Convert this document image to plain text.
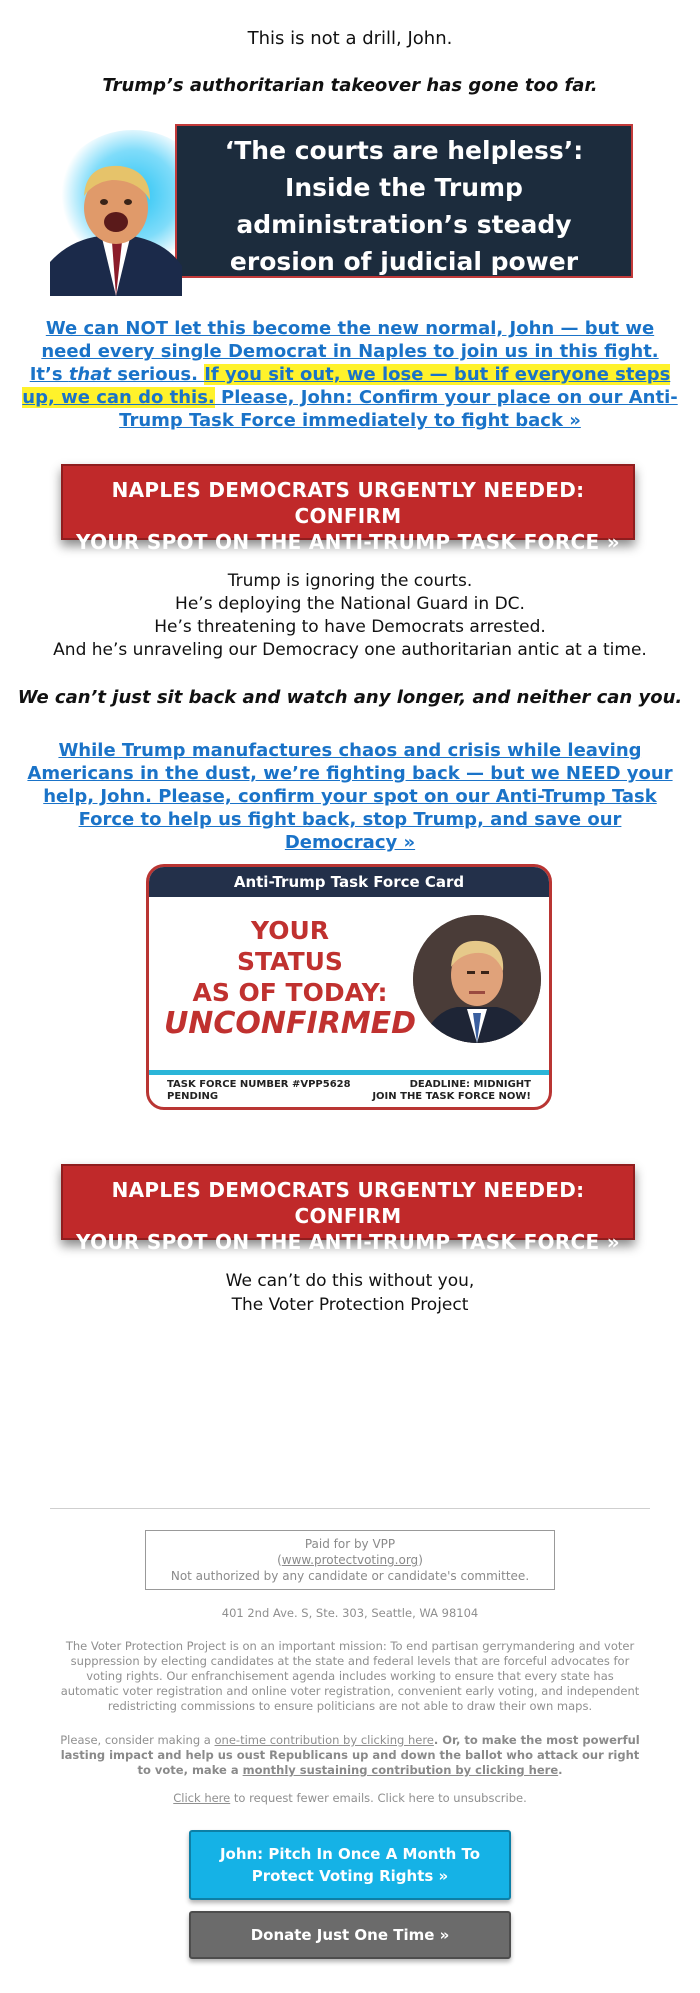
This is not a drill, John.
Trump’s authoritarian takeover has gone too far.
‘The courts are helpless’:
Inside the Trump
administration’s steady
erosion of judicial power
We can NOT let this become the new normal, John — but we need every single Democrat in Naples to join us in this fight. It’s that serious. If you sit out, we lose — but if everyone steps up, we can do this. Please, John: Confirm your place on our Anti-Trump Task Force immediately to fight back »
NAPLES DEMOCRATS URGENTLY NEEDED: CONFIRM
YOUR SPOT ON THE ANTI-TRUMP TASK FORCE »
Trump is ignoring the courts.
He’s deploying the National Guard in DC.
He’s threatening to have Democrats arrested.
And he’s unraveling our Democracy one authoritarian antic at a time.
We can’t just sit back and watch any longer, and neither can you.
While Trump manufactures chaos and crisis while leaving Americans in the dust, we’re fighting back — but we NEED your help, John. Please, confirm your spot on our Anti-Trump Task Force to help us fight back, stop Trump, and save our Democracy »
Anti-Trump Task Force Card
YOUR
STATUS
AS OF TODAY:
UNCONFIRMED
TASK FORCE NUMBER #VPP5628
PENDING
DEADLINE: MIDNIGHT
JOIN THE TASK FORCE NOW!
NAPLES DEMOCRATS URGENTLY NEEDED: CONFIRM
YOUR SPOT ON THE ANTI-TRUMP TASK FORCE »
We can’t do this without you,
The Voter Protection Project
Paid for by VPP
(www.protectvoting.org)
Not authorized by any candidate or candidate's committee.
401 2nd Ave. S, Ste. 303, Seattle, WA 98104
The Voter Protection Project is on an important mission: To end partisan gerrymandering and voter suppression by electing candidates at the state and federal levels that are forceful advocates for voting rights. Our enfranchisement agenda includes working to ensure that every state has automatic voter registration and online voter registration, convenient early voting, and independent redistricting commissions to ensure politicians are not able to draw their own maps.
Please, consider making a one-time contribution by clicking here. Or, to make the most powerful lasting impact and help us oust Republicans up and down the ballot who attack our right to vote, make a monthly sustaining contribution by clicking here.
Click here to request fewer emails. Click here to unsubscribe.
John: Pitch In Once A Month To Protect Voting Rights »
Donate Just One Time »
